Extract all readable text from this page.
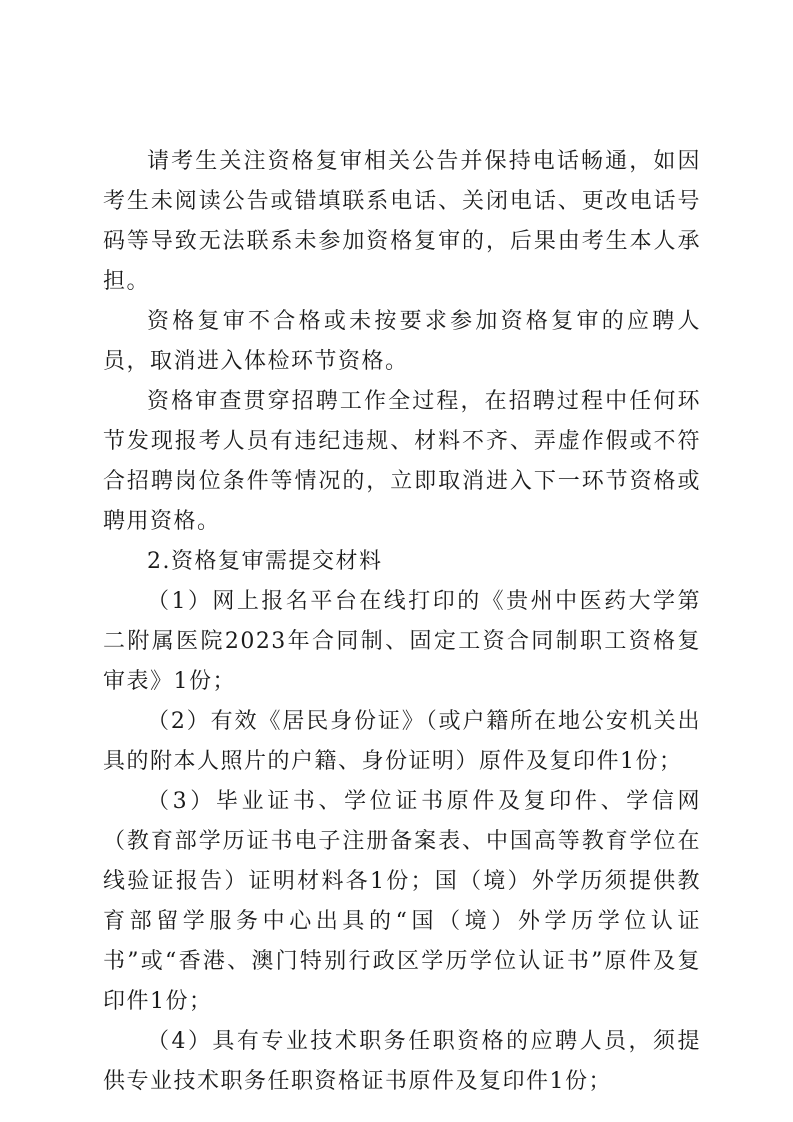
请考生关注资格复审相关公告并保持电话畅通，如因考生未阅读公告或错填联系电话、关闭电话、更改电话号码等导致无法联系未参加资格复审的，后果由考生本人承担。

资格复审不合格或未按要求参加资格复审的应聘人员，取消进入体检环节资格。

资格审查贯穿招聘工作全过程，在招聘过程中任何环节发现报考人员有违纪违规、材料不齐、弄虚作假或不符合招聘岗位条件等情况的，立即取消进入下一环节资格或聘用资格。

2.资格复审需提交材料

（1）网上报名平台在线打印的《贵州中医药大学第二附属医院2023年合同制、固定工资合同制职工资格复审表》1份；

（2）有效《居民身份证》（或户籍所在地公安机关出具的附本人照片的户籍、身份证明）原件及复印件1份；

（3）毕业证书、学位证书原件及复印件、学信网（教育部学历证书电子注册备案表、中国高等教育学位在线验证报告）证明材料各1份；国（境）外学历须提供教育部留学服务中心出具的“国（境）外学历学位认证书”或“香港、澳门特别行政区学历学位认证书”原件及复印件1份；

（4）具有专业技术职务任职资格的应聘人员，须提供专业技术职务任职资格证书原件及复印件1份；
